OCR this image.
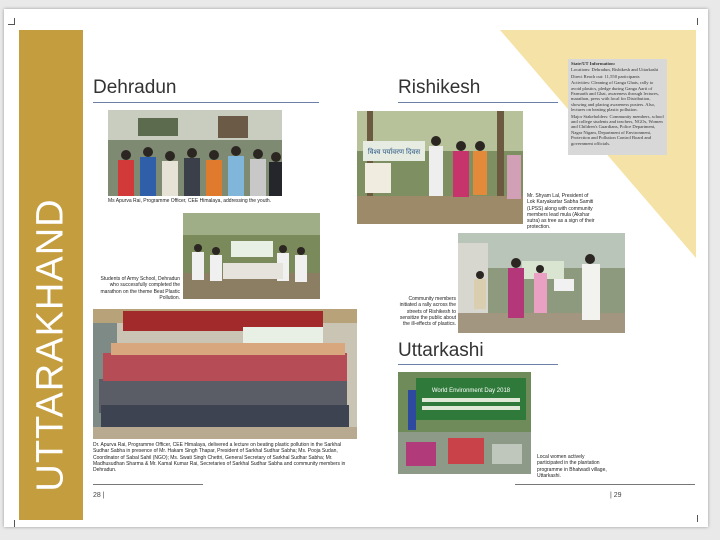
UTTARAKHAND

State/UT Information:

Locations: Dehradun, Rishikesh and Uttarkashi

Direct Reach out: 11,550 participants

Activities: Cleaning of Ganga Ghats, rally to avoid plastics, pledge during Ganga Aarti of Parmarth and Ghat, awareness through lectures, marathon, press with local for Distribution, showing and placing awareness posters. Also, lectures on beating plastic pollution.

Major Stakeholders: Community members, school and college students and teachers, NGOs, Women and Children's Guardians, Police Department, Nagar Nigam, Department of Environment, Protection and Pollution Control Board and government officials.

Dehradun
Ms Apurva Rai, Programme Officer, CEE Himalaya, addressing the youth.
Students of Army School, Dehradun who successfully completed the marathon on the theme Beat Plastic Pollution.
Dr. Apurva Rai, Programme Officer, CEE Himalaya, delivered a lecture on beating plastic pollution in the Sarkhal Sudhar Sabha in presence of Mr. Hakam Singh Thapar, President of Sarkhal Sudhar Sabha; Ms. Pooja Sudan, Coordinator of Sabal Sahil (NGO); Ms. Swati Singh Chettri, General Secretary of Sarkhal Sudhar Sabha; Mr. Madhusudhan Sharma & Mr. Kamal Kumar Rai, Secretaries of Sarkhal Sudhar Sabha and community members in Dehradun.
Rishikesh
विश्व पर्यावरण दिवस
Mr. Shyam Lal, President of Lok Karyakartar Sabha Samiti (LPSS) along with community members lead mula (Akshar sutra) as tree as a sign of their protection.
Community members initiated a rally across the streets of Rishikesh to sensitize the public about the ill-effects of plastics.
Uttarkashi
World Environment Day 2018
Local women actively participated in the plantation programme in Bhatwadi village, Uttarkashi.
28 |	| 29
